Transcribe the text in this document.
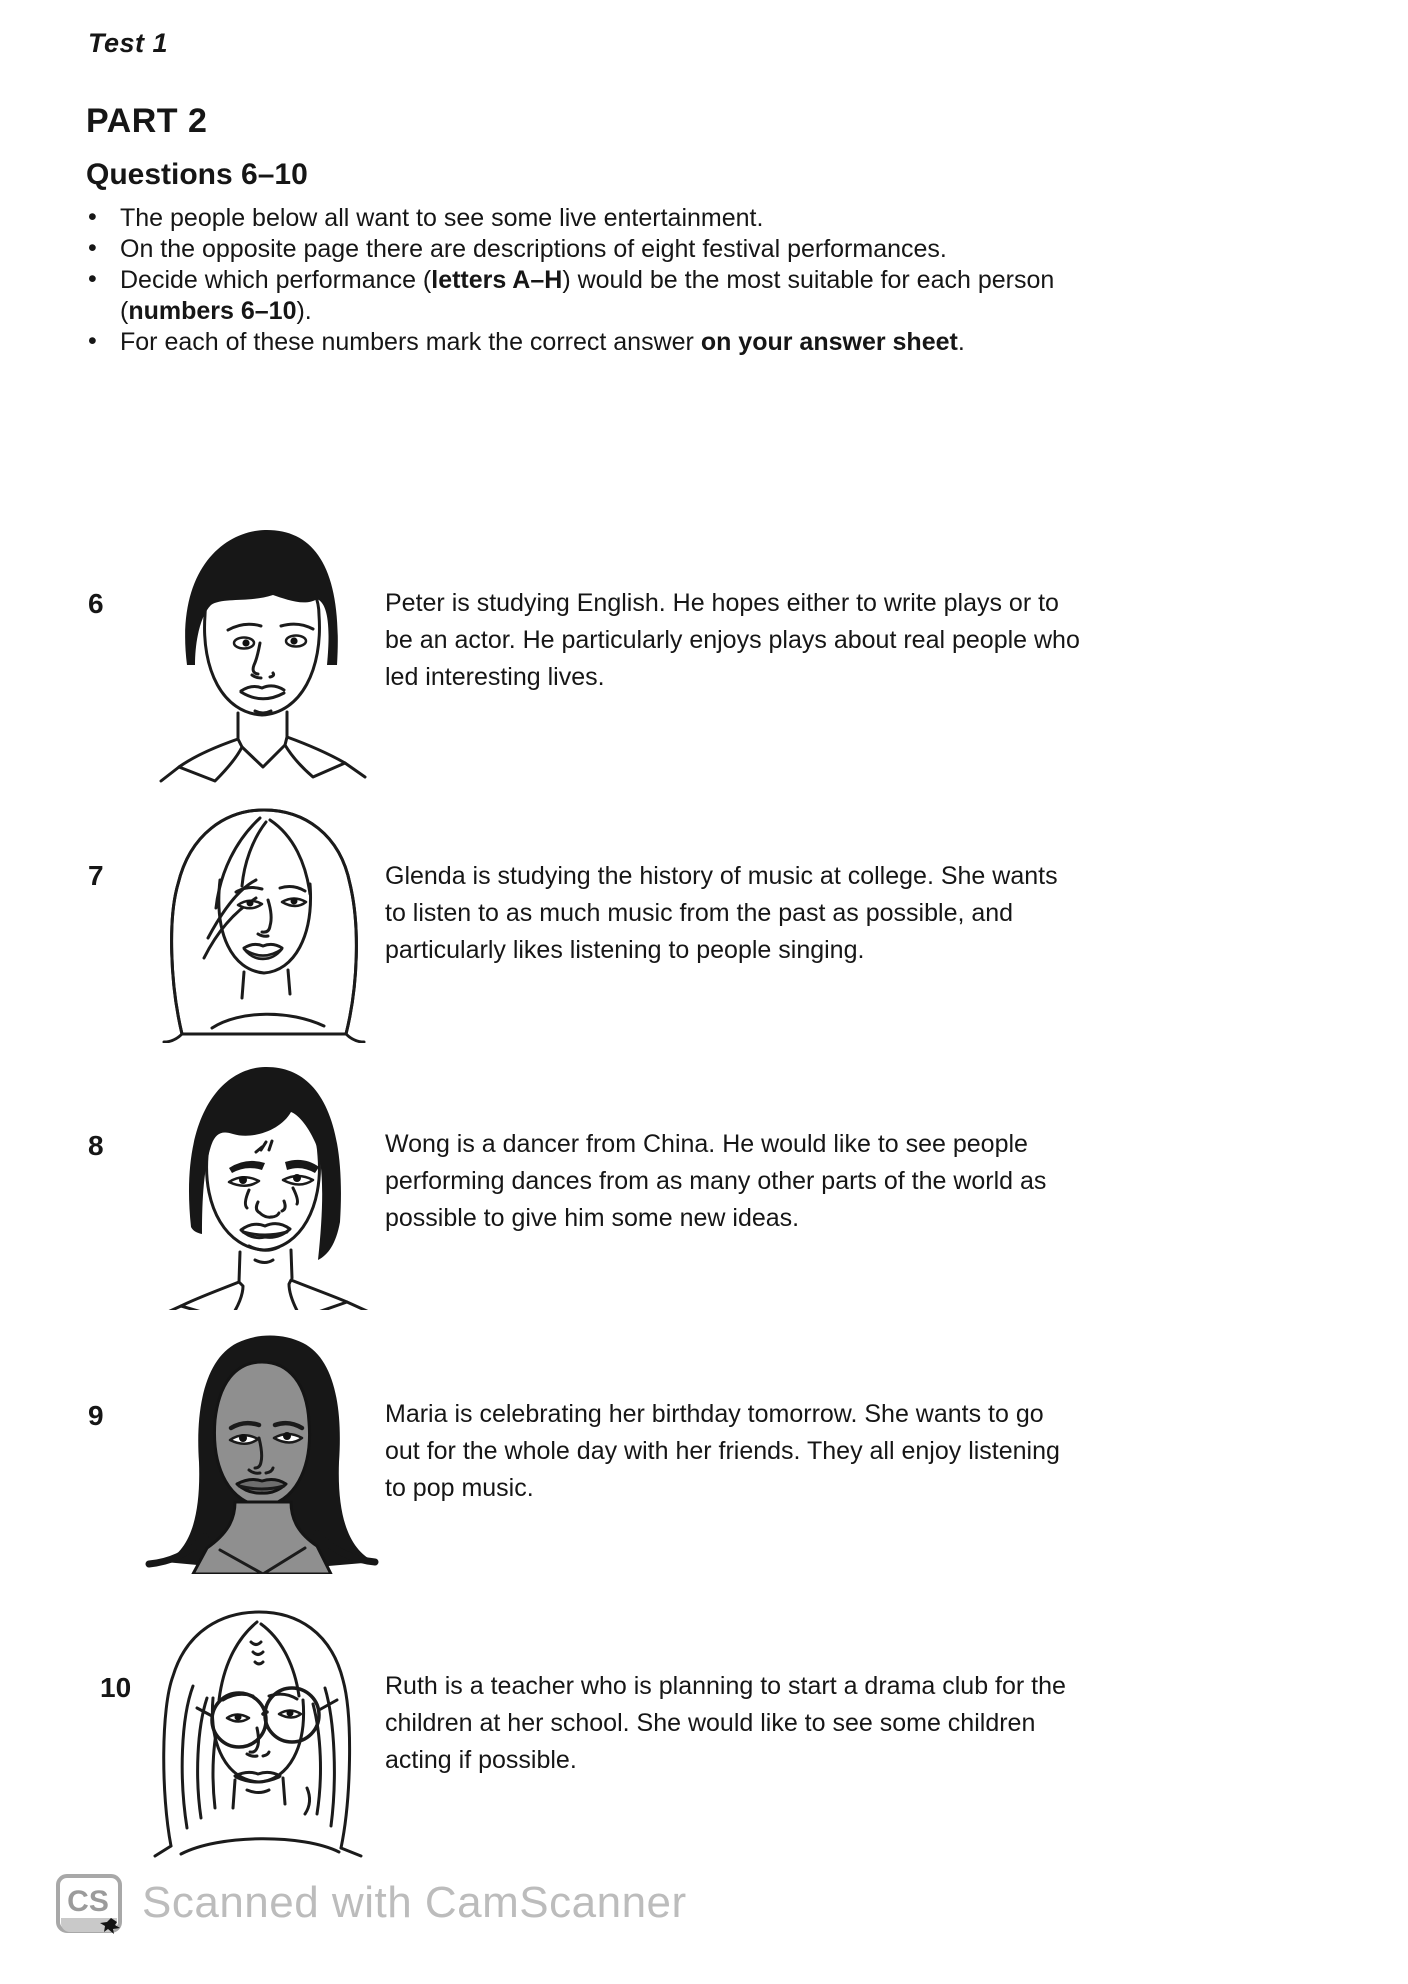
Test 1
PART 2
Questions 6–10
• The people below all want to see some live entertainment.
• On the opposite page there are descriptions of eight festival performances.
• Decide which performance (letters A–H) would be the most suitable for each person (numbers 6–10).
• For each of these numbers mark the correct answer on your answer sheet.
6	Peter is studying English. He hopes either to write plays or to be an actor. He particularly enjoys plays about real people who led interesting lives.
7	Glenda is studying the history of music at college. She wants to listen to as much music from the past as possible, and particularly likes listening to people singing.
8	Wong is a dancer from China. He would like to see people performing dances from as many other parts of the world as possible to give him some new ideas.
9	Maria is celebrating her birthday tomorrow. She wants to go out for the whole day with her friends. They all enjoy listening to pop music.
10	Ruth is a teacher who is planning to start a drama club for the children at her school. She would like to see some children acting if possible.
CS Scanned with CamScanner
